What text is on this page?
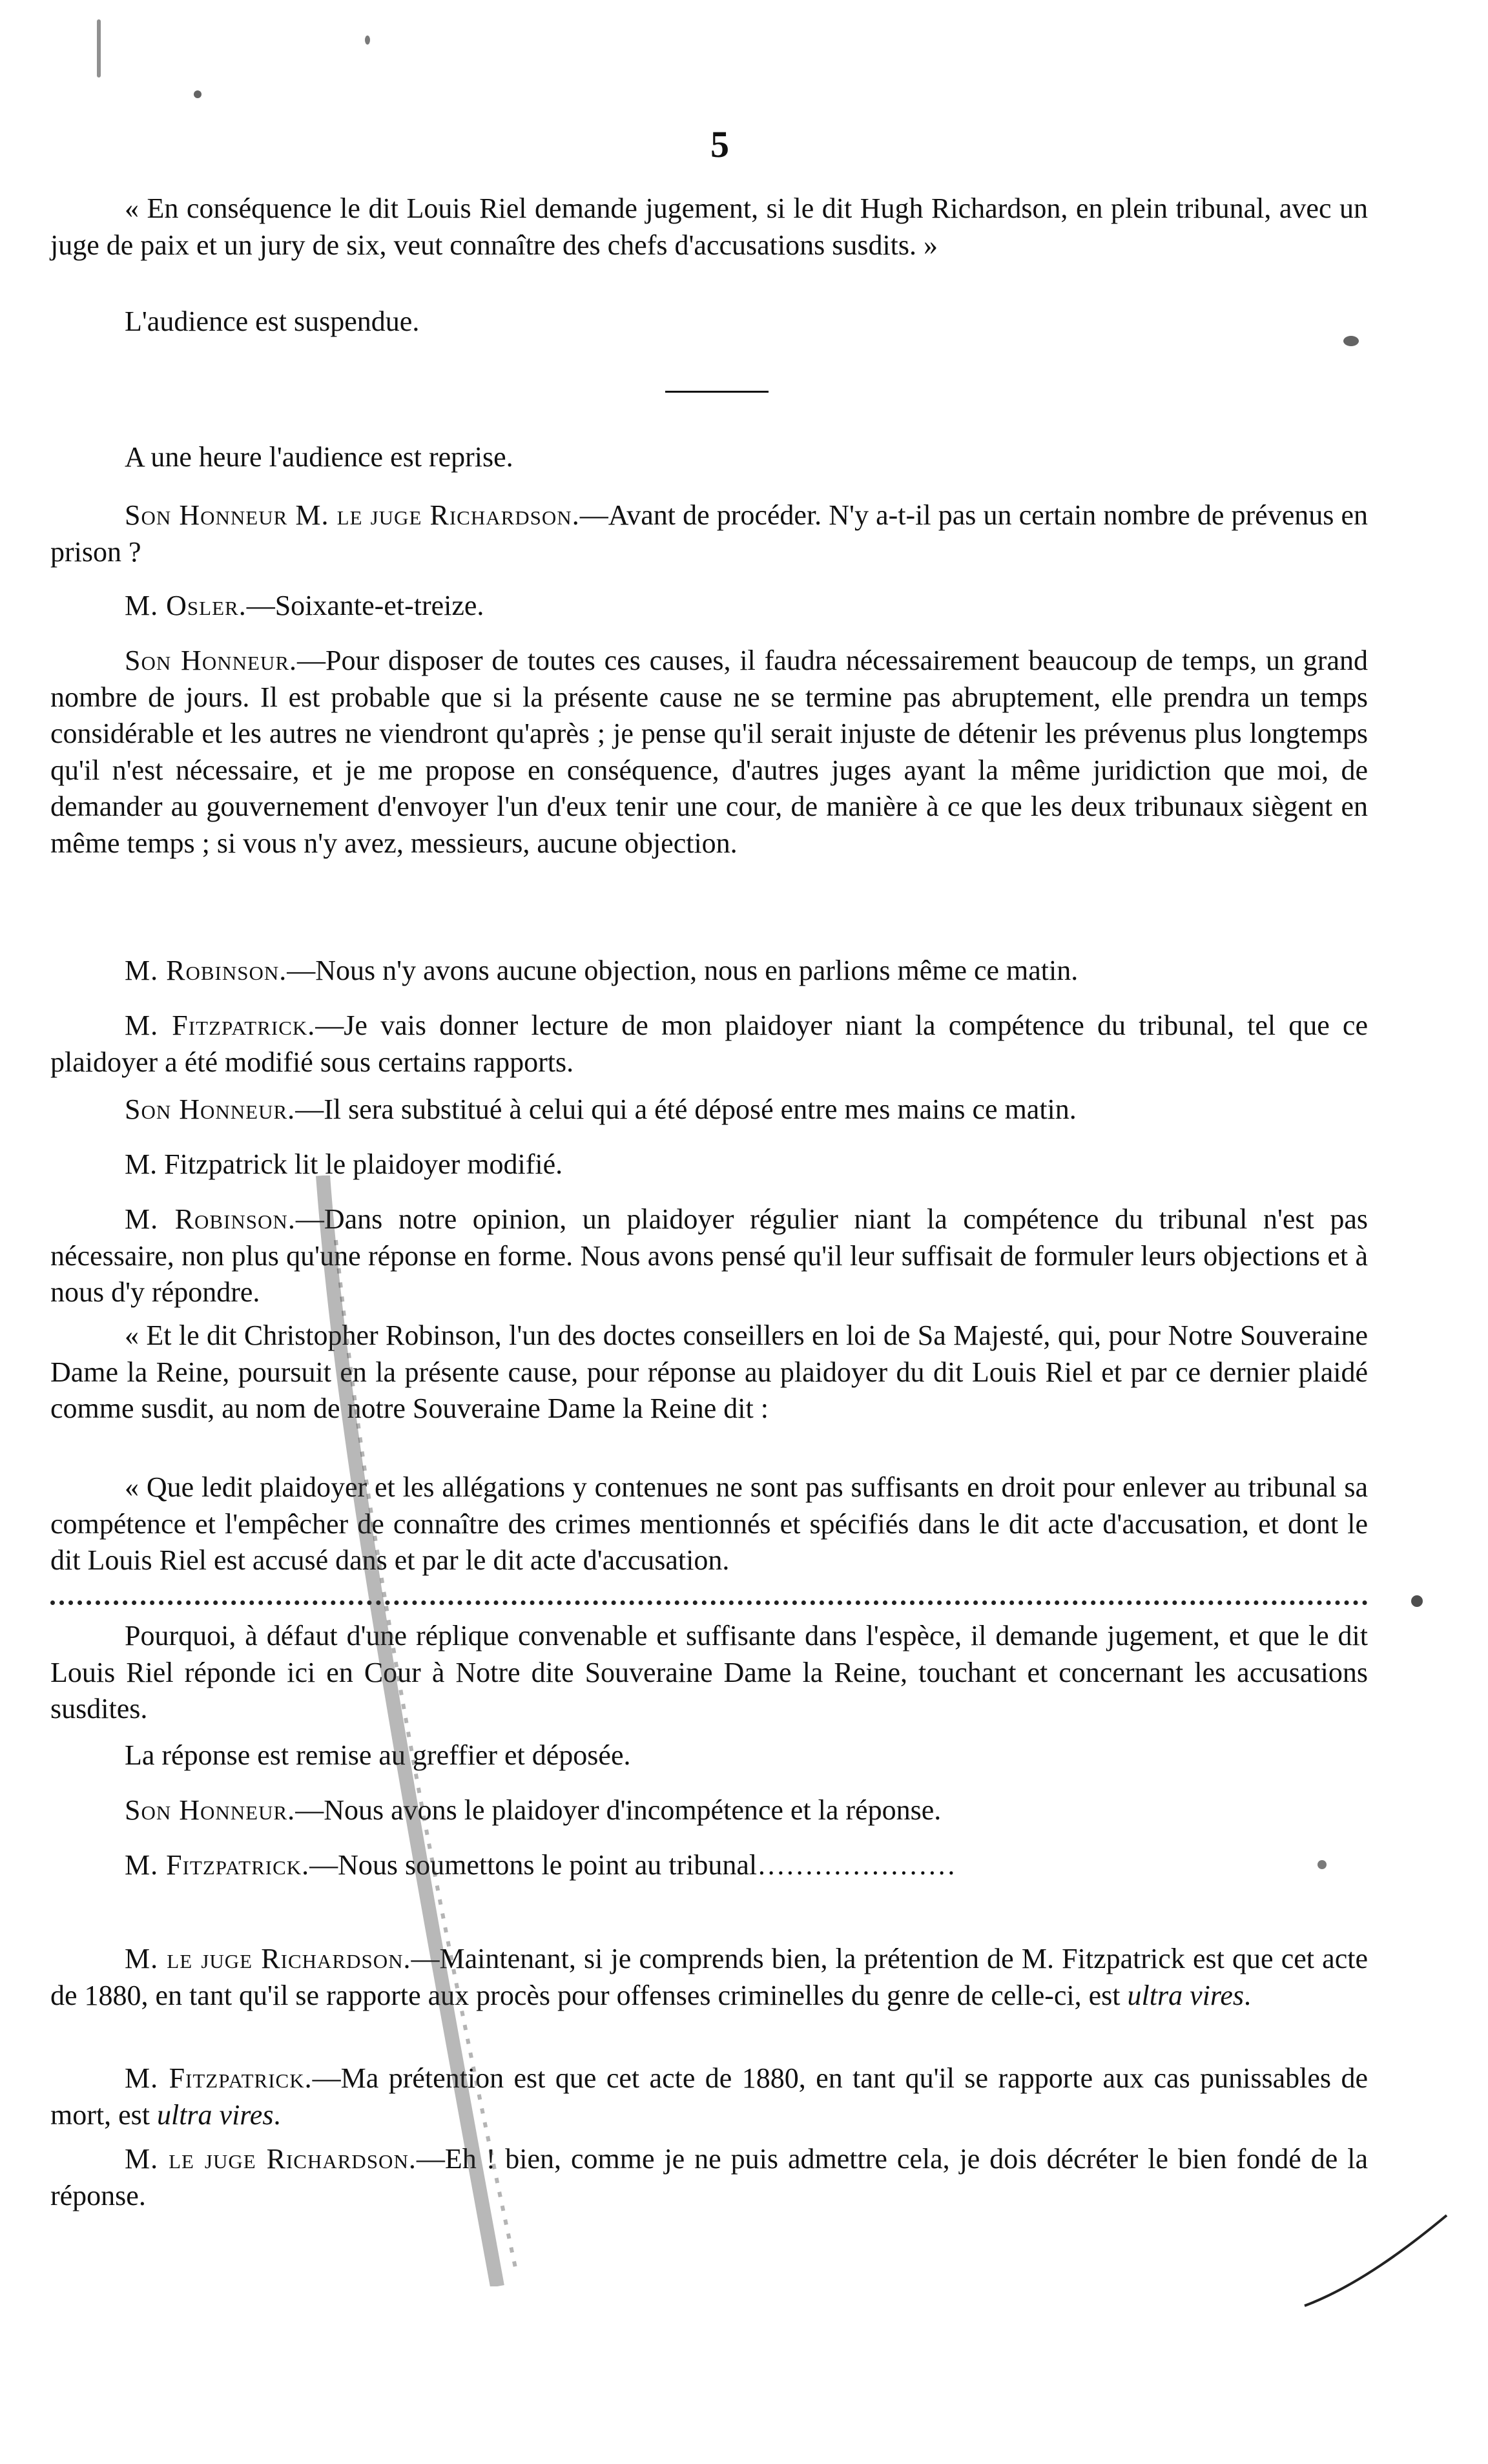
5
« En conséquence le dit Louis Riel demande jugement, si le dit Hugh Richardson, en plein tribunal, avec un juge de paix et un jury de six, veut connaître des chefs d'accusations susdits. »
L'audience est suspendue.
A une heure l'audience est reprise.
Son Honneur M. le juge Richardson.—Avant de procéder. N'y a-t-il pas un certain nombre de prévenus en prison ?
M. Osler.—Soixante-et-treize.
Son Honneur.—Pour disposer de toutes ces causes, il faudra nécessairement beaucoup de temps, un grand nombre de jours. Il est probable que si la présente cause ne se termine pas abruptement, elle prendra un temps considérable et les autres ne viendront qu'après ; je pense qu'il serait injuste de détenir les prévenus plus longtemps qu'il n'est nécessaire, et je me propose en conséquence, d'autres juges ayant la même juridiction que moi, de demander au gouvernement d'envoyer l'un d'eux tenir une cour, de manière à ce que les deux tribunaux siègent en même temps ; si vous n'y avez, messieurs, aucune objection.
M. Robinson.—Nous n'y avons aucune objection, nous en parlions même ce matin.
M. Fitzpatrick.—Je vais donner lecture de mon plaidoyer niant la compétence du tribunal, tel que ce plaidoyer a été modifié sous certains rapports.
Son Honneur.—Il sera substitué à celui qui a été déposé entre mes mains ce matin.
M. Fitzpatrick lit le plaidoyer modifié.
M. Robinson.—Dans notre opinion, un plaidoyer régulier niant la compétence du tribunal n'est pas nécessaire, non plus qu'une réponse en forme. Nous avons pensé qu'il leur suffisait de formuler leurs objections et à nous d'y répondre.
« Et le dit Christopher Robinson, l'un des doctes conseillers en loi de Sa Majesté, qui, pour Notre Souveraine Dame la Reine, poursuit en la présente cause, pour réponse au plaidoyer du dit Louis Riel et par ce dernier plaidé comme susdit, au nom de notre Souveraine Dame la Reine dit :
« Que ledit plaidoyer et les allégations y contenues ne sont pas suffisants en droit pour enlever au tribunal sa compétence et l'empêcher de connaître des crimes mentionnés et spécifiés dans le dit acte d'accusation, et dont le dit Louis Riel est accusé dans et par le dit acte d'accusation.
Pourquoi, à défaut d'une réplique convenable et suffisante dans l'espèce, il demande jugement, et que le dit Louis Riel réponde ici en Cour à Notre dite Souveraine Dame la Reine, touchant et concernant les accusations susdites.
La réponse est remise au greffier et déposée.
Son Honneur.—Nous avons le plaidoyer d'incompétence et la réponse.
M. Fitzpatrick.—Nous soumettons le point au tribunal…………………
M. le juge Richardson.—Maintenant, si je comprends bien, la prétention de M. Fitzpatrick est que cet acte de 1880, en tant qu'il se rapporte aux procès pour offenses criminelles du genre de celle-ci, est ultra vires.
M. Fitzpatrick.—Ma prétention est que cet acte de 1880, en tant qu'il se rapporte aux cas punissables de mort, est ultra vires.
M. le juge Richardson.—Eh ! bien, comme je ne puis admettre cela, je dois décréter le bien fondé de la réponse.
